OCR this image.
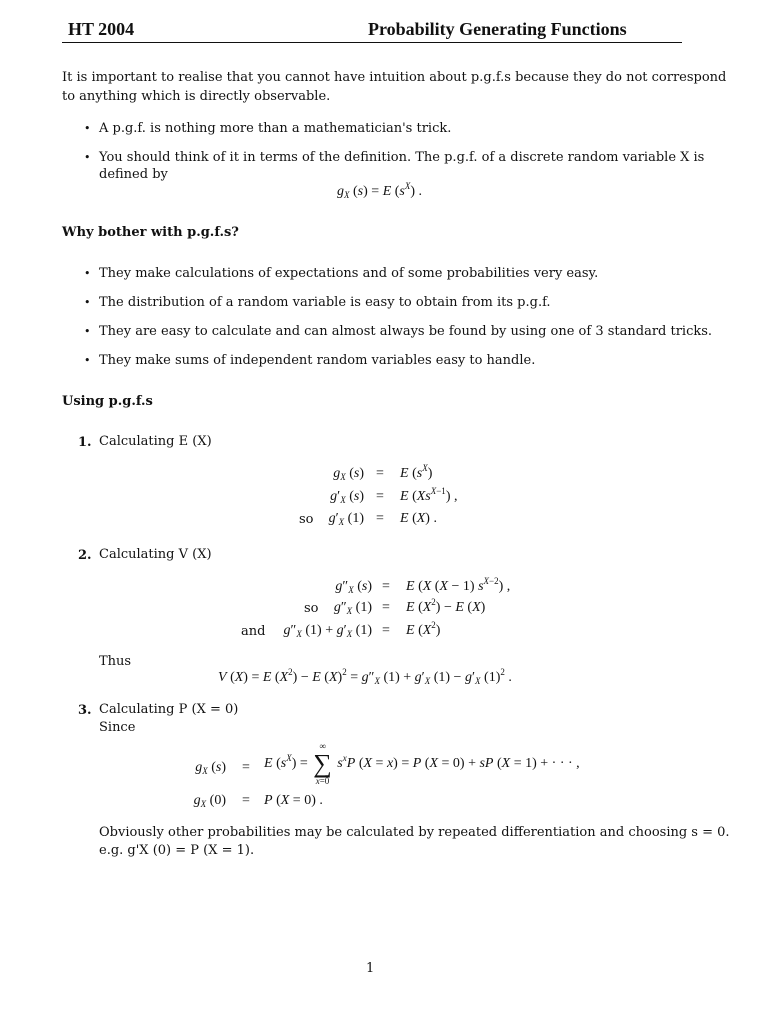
HT 2004	Probability Generating Functions
It is important to realise that you cannot have intuition about p.g.f.s because they do not correspond
to anything which is directly observable.
• A p.g.f. is nothing more than a mathematician's trick.
• You should think of it in terms of the definition. The p.g.f. of a discrete random variable X is
defined by
$g_X$ (s) = E $(s^X)$ .
Why bother with p.g.f.s?
• They make calculations of expectations and of some probabilities very easy.
• The distribution of a random variable is easy to obtain from its p.g.f.
• They are easy to calculate and can almost always be found by using one of 3 standard tricks.
• They make sums of independent random variables easy to handle.
Using p.g.f.s
1. Calculating E (X)
$g_X$ (s) = E $(s^X)$
$g'_X$ (s) = E $(Xs^{X-1})$ ,
so	$g'_X$ (1) = E (X) .
2. Calculating V (X)
$g''_X$ (s) = E (X (X − 1) $s^{X-2}$) ,
so	$g''_X$ (1) = E $(X^2) - E$ (X)
and	$g''_X$ $(1) + g'_X$ (1) = E $(X^2)$
Thus
V (X) = E $(X^2) - E$ $(X)^2 = g''_X$ $(1) + g'_X$ $(1) - g'_X$ $(1)^2$ .
3. Calculating P (X = 0)
Since
$g_X$ (s) = E $(s^X)$ =
∞
∑
x=0
$s^xP$ (X = x) = P (X = 0) + sP (X = 1) + · · · ,
$g_X$ (0) = P (X = 0) .
Obviously other probabilities may be calculated by repeated differentiation and choosing s = 0.
e.g. g'X (0) = P (X = 1).
1
